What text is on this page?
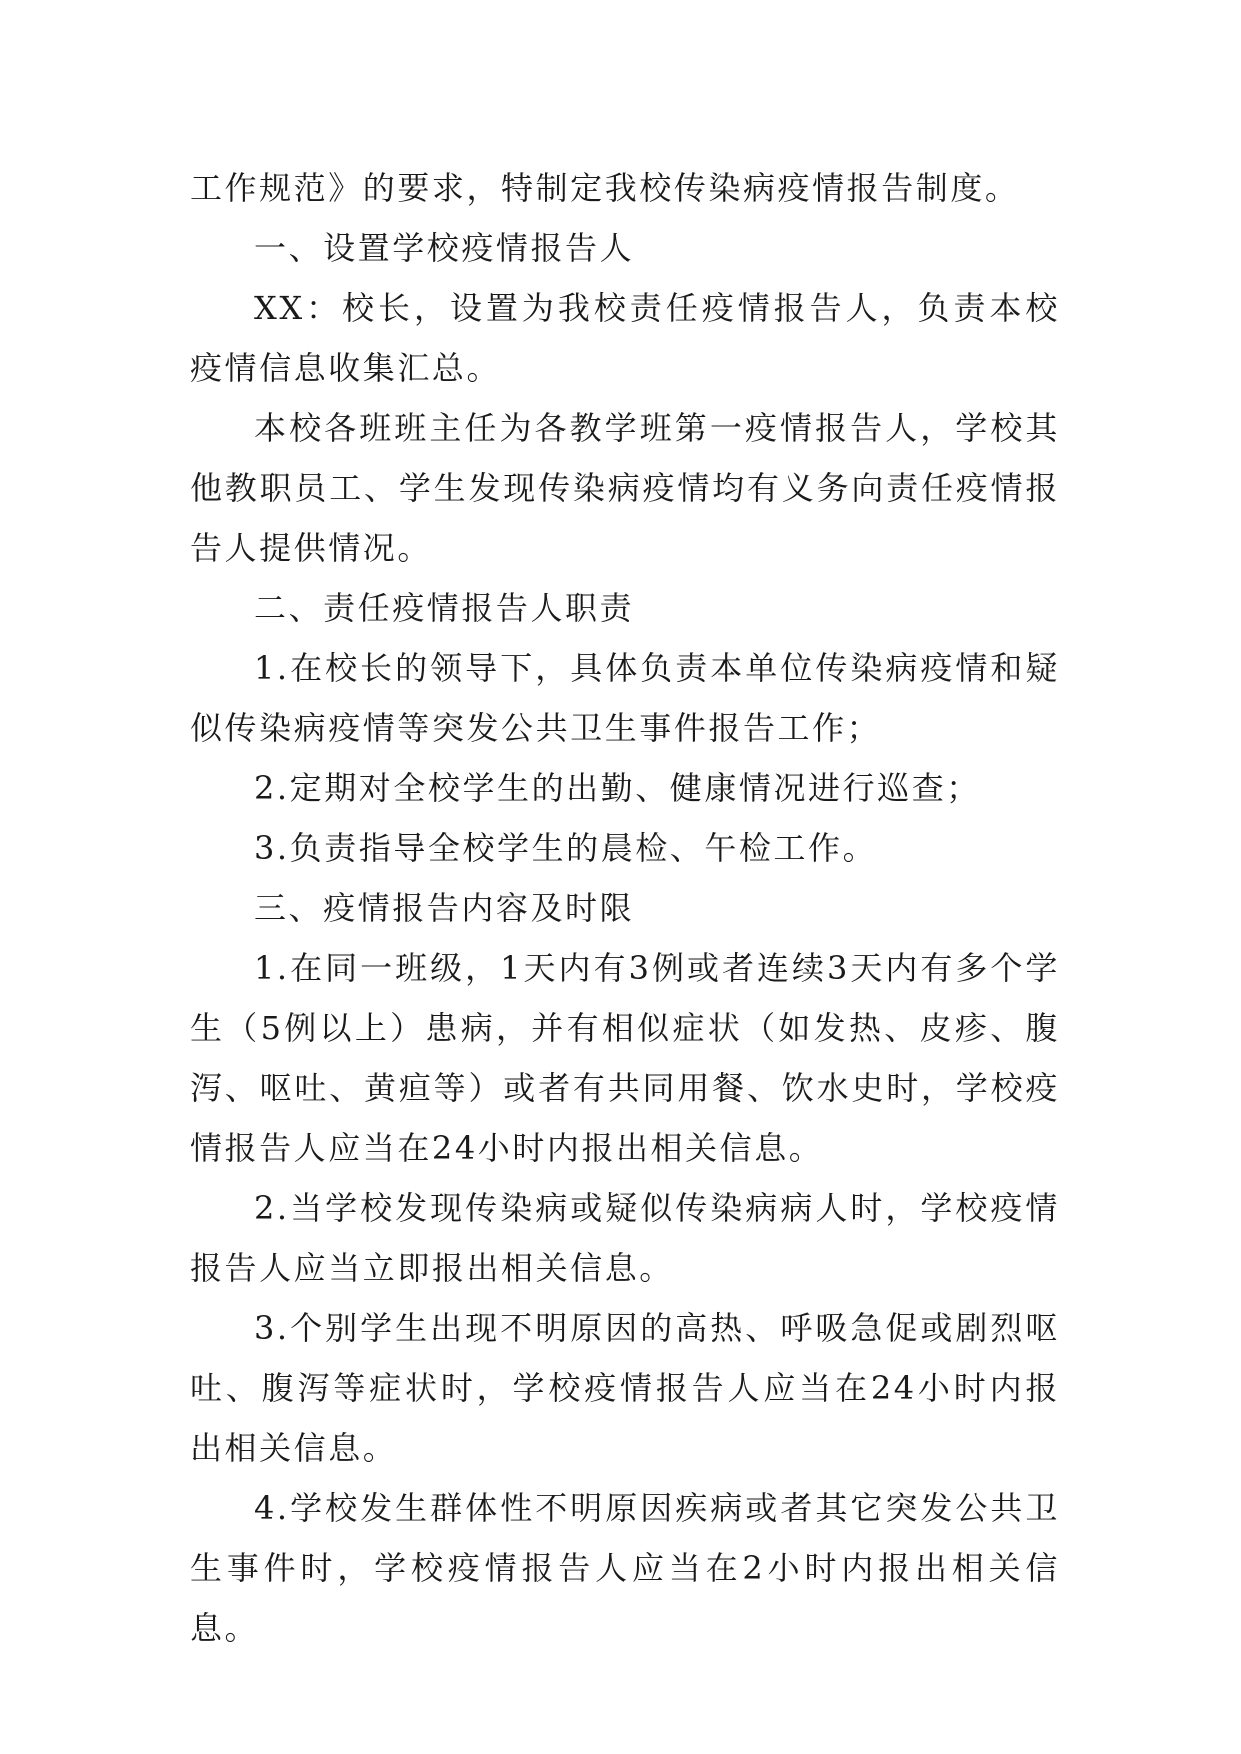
工作规范》的要求，特制定我校传染病疫情报告制度。

一、设置学校疫情报告人

XX：校长，设置为我校责任疫情报告人，负责本校疫情信息收集汇总。

本校各班班主任为各教学班第一疫情报告人，学校其他教职员工、学生发现传染病疫情均有义务向责任疫情报告人提供情况。

二、责任疫情报告人职责

1.在校长的领导下，具体负责本单位传染病疫情和疑似传染病疫情等突发公共卫生事件报告工作；

2.定期对全校学生的出勤、健康情况进行巡查；

3.负责指导全校学生的晨检、午检工作。

三、疫情报告内容及时限

1.在同一班级，1天内有3例或者连续3天内有多个学生（5例以上）患病，并有相似症状（如发热、皮疹、腹泻、呕吐、黄疸等）或者有共同用餐、饮水史时，学校疫情报告人应当在24小时内报出相关信息。

2.当学校发现传染病或疑似传染病病人时，学校疫情报告人应当立即报出相关信息。

3.个别学生出现不明原因的高热、呼吸急促或剧烈呕吐、腹泻等症状时，学校疫情报告人应当在24小时内报出相关信息。

4.学校发生群体性不明原因疾病或者其它突发公共卫生事件时，学校疫情报告人应当在2小时内报出相关信息。
